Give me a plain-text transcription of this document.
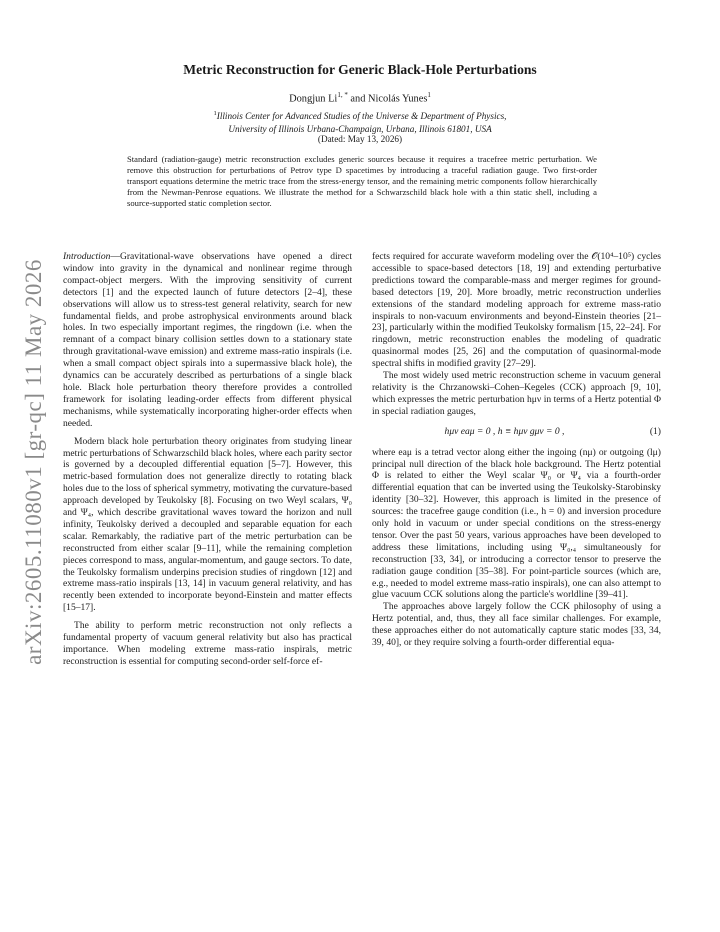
arXiv:2605.11080v1 [gr-qc] 11 May 2026
Metric Reconstruction for Generic Black-Hole Perturbations
Dongjun $Li^{1, *}$ and Nicolás Yunes$^1$
$^1$Illinois Center for Advanced Studies of the Universe & Department of Physics,
University of Illinois Urbana-Champaign, Urbana, Illinois 61801, USA
(Dated: May 13, 2026)
Standard (radiation-gauge) metric reconstruction excludes generic sources because it requires a tracefree metric perturbation. We remove this obstruction for perturbations of Petrov type D spacetimes by introducing a traceful radiation gauge. Two first-order transport equations determine the metric trace from the stress-energy tensor, and the remaining metric components follow hierarchically from the Newman-Penrose equations. We illustrate the method for a Schwarzschild black hole with a thin static shell, including a source-supported static completion sector.

Introduction—Gravitational-wave observations have opened a direct window into gravity in the dynamical and nonlinear regime through compact-object mergers. With the improving sensitivity of current detectors [1] and the expected launch of future detectors [2–4], these observations will allow us to stress-test general relativity, search for new fundamental fields, and probe astrophysical environments around black holes. In two especially important regimes, the ringdown (i.e. when the remnant of a compact binary collision settles down to a stationary state through gravitational-wave emission) and extreme mass-ratio inspirals (i.e. when a small compact object spirals into a supermassive black hole), the dynamics can be accurately described as perturbations of a single black hole. Black hole perturbation theory therefore provides a controlled framework for isolating leading-order effects from different physical mechanisms, while systematically incorporating higher-order effects when needed.

Modern black hole perturbation theory originates from studying linear metric perturbations of Schwarzschild black holes, where each parity sector is governed by a decoupled differential equation [5–7]. However, this metric-based formulation does not generalize directly to rotating black holes due to the loss of spherical symmetry, motivating the curvature-based approach developed by Teukolsky [8]. Focusing on two Weyl scalars, Ψ₀ and Ψ₄, which describe gravitational waves toward the horizon and null infinity, Teukolsky derived a decoupled and separable equation for each scalar. Remarkably, the radiative part of the metric perturbation can be reconstructed from either scalar [9–11], while the remaining completion pieces correspond to mass, angular-momentum, and gauge sectors. To date, the Teukolsky formalism underpins precision studies of ringdown [12] and extreme mass-ratio inspirals [13, 14] in vacuum general relativity, and has recently been extended to incorporate beyond-Einstein and matter effects [15–17].

The ability to perform metric reconstruction not only reflects a fundamental property of vacuum general relativity but also has practical importance. When modeling extreme mass-ratio inspirals, metric reconstruction is essential for computing second-order self-force ef-

fects required for accurate waveform modeling over the 𝒪(10⁴–10⁵) cycles accessible to space-based detectors [18, 19] and extending perturbative predictions toward the comparable-mass and merger regimes for ground-based detectors [19, 20]. More broadly, metric reconstruction underlies extensions of the standard modeling approach for extreme mass-ratio inspirals to non-vacuum environments and beyond-Einstein theories [21–23], particularly within the modified Teukolsky formalism [15, 22–24]. For ringdown, metric reconstruction enables the modeling of quadratic quasinormal modes [25, 26] and the computation of quasinormal-mode spectral shifts in modified gravity [27–29].

The most widely used metric reconstruction scheme in vacuum general relativity is the Chrzanowski–Cohen–Kegeles (CCK) approach [9, 10], which expresses the metric perturbation hμν in terms of a Hertz potential Φ in special radiation gauges,

hμν eaμ = 0 , h ≡ hμν gμν = 0 ,	(1)

where eaμ is a tetrad vector along either the ingoing (nμ) or outgoing (lμ) principal null direction of the black hole background. The Hertz potential Φ is related to either the Weyl scalar Ψ₀ or Ψ₄ via a fourth-order differential equation that can be inverted using the Teukolsky-Starobinsky identity [30–32]. However, this approach is limited in the presence of sources: the tracefree gauge condition (i.e., h = 0) and inversion procedure only hold in vacuum or under special conditions on the stress-energy tensor. Over the past 50 years, various approaches have been developed to address these limitations, including using Ψ₀,₄ simultaneously for reconstruction [33, 34], or introducing a corrector tensor to preserve the radiation gauge condition [35–38]. For point-particle sources (which are, e.g., needed to model extreme mass-ratio inspirals), one can also attempt to glue vacuum CCK solutions along the particle's worldline [39–41].

The approaches above largely follow the CCK philosophy of using a Hertz potential, and, thus, they all face similar challenges. For example, these approaches either do not automatically capture static modes [33, 34, 39, 40], or they require solving a fourth-order differential equa-
